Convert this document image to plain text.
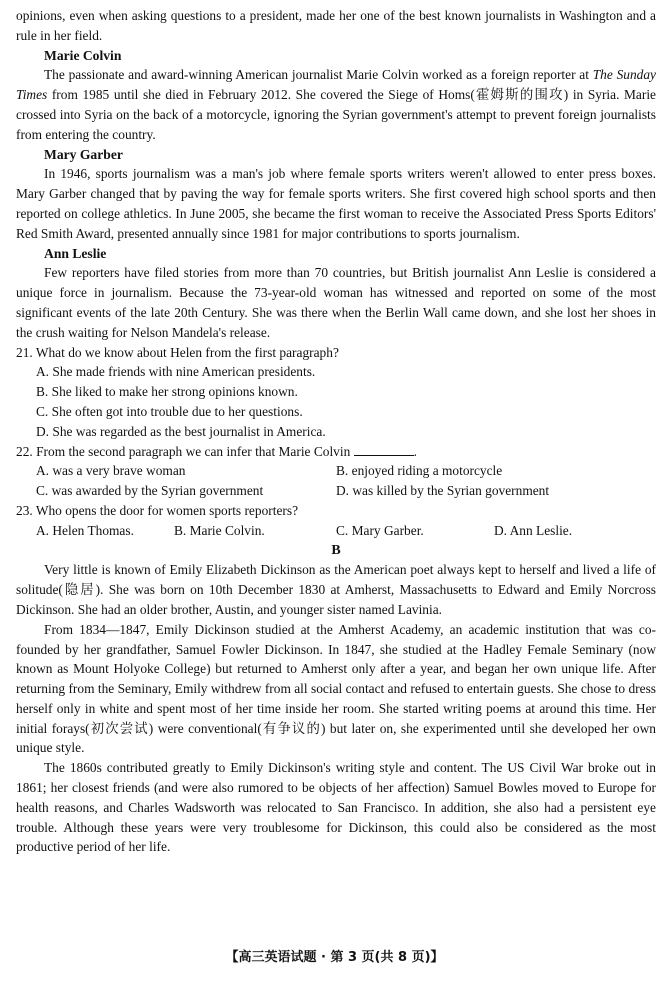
opinions, even when asking questions to a president, made her one of the best known journalists in Washington and a rule in her field.

Marie Colvin

The passionate and award-winning American journalist Marie Colvin worked as a foreign reporter at The Sunday Times from 1985 until she died in February 2012. She covered the Siege of Homs(霍姆斯的围攻) in Syria. Marie crossed into Syria on the back of a motorcycle, ignoring the Syrian government's attempt to prevent foreign journalists from entering the country.

Mary Garber

In 1946, sports journalism was a man's job where female sports writers weren't allowed to enter press boxes. Mary Garber changed that by paving the way for female sports writers. She first covered high school sports and then reported on college athletics. In June 2005, she became the first woman to receive the Associated Press Sports Editors' Red Smith Award, presented annually since 1981 for major contributions to sports journalism.

Ann Leslie

Few reporters have filed stories from more than 70 countries, but British journalist Ann Leslie is considered a unique force in journalism. Because the 73-year-old woman has witnessed and reported on some of the most significant events of the late 20th Century. She was there when the Berlin Wall came down, and she lost her shoes in the crush waiting for Nelson Mandela's release.

21. What do we know about Helen from the first paragraph?
A. She made friends with nine American presidents.
B. She liked to make her strong opinions known.
C. She often got into trouble due to her questions.
D. She was regarded as the best journalist in America.
22. From the second paragraph we can infer that Marie Colvin	.
A. was a very brave woman	B. enjoyed riding a motorcycle
C. was awarded by the Syrian government	D. was killed by the Syrian government
23. Who opens the door for women sports reporters?
A. Helen Thomas.	B. Marie Colvin.	C. Mary Garber.	D. Ann Leslie.
B

Very little is known of Emily Elizabeth Dickinson as the American poet always kept to herself and lived a life of solitude(隐居). She was born on 10th December 1830 at Amherst, Massachusetts to Edward and Emily Norcross Dickinson. She had an older brother, Austin, and younger sister named Lavinia.

From 1834—1847, Emily Dickinson studied at the Amherst Academy, an academic institution that was co-founded by her grandfather, Samuel Fowler Dickinson. In 1847, she studied at the Hadley Female Seminary (now known as Mount Holyoke College) but returned to Amherst only after a year, and began her own unique life. After returning from the Seminary, Emily withdrew from all social contact and refused to entertain guests. She chose to dress herself only in white and spent most of her time inside her room. She started writing poems at around this time. Her initial forays(初次尝试) were conventional(有争议的) but later on, she experimented until she developed her own unique style.

The 1860s contributed greatly to Emily Dickinson's writing style and content. The US Civil War broke out in 1861; her closest friends (and were also rumored to be objects of her affection) Samuel Bowles moved to Europe for health reasons, and Charles Wadsworth was relocated to San Francisco. In addition, she also had a persistent eye trouble. Although these years were very troublesome for Dickinson, this could also be considered as the most productive period of her life.

【高三英语试题 · 第 3 页(共 8 页)】
